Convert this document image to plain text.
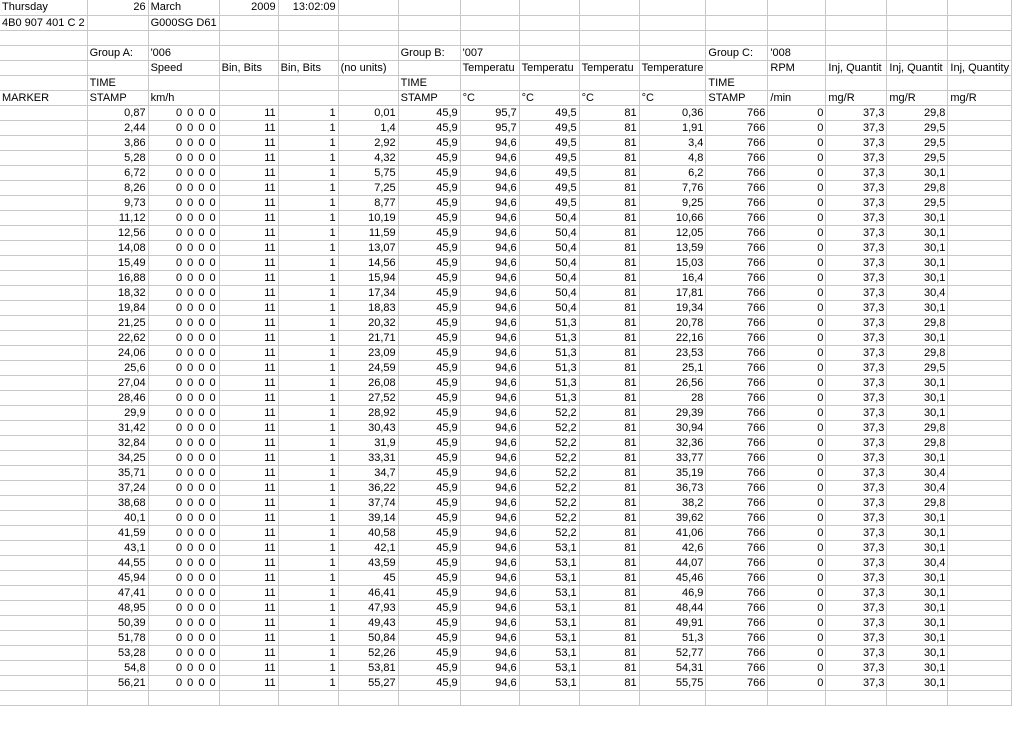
Thursday	26	March	2009	13:02:09											
4B0 907 401 C 2		G000SG D61													

	Group A:	'006				Group B:	'007				Group C:	'008			
		Speed	Bin, Bits	Bin, Bits	(no units)		Temperatu	Temperatu	Temperatu	Temperature		RPM	Inj, Quantit	Inj, Quantit	Inj, Quantity
	TIME					TIME					TIME				
MARKER	STAMP	km/h				STAMP	°C	°C	°C	°C	STAMP	/min	mg/R	mg/R	mg/R
	0,87	0 0 0 0	11	1	0,01	45,9	95,7	49,5	81	0,36	766	0	37,3	29,8	
	2,44	0 0 0 0	11	1	1,4	45,9	95,7	49,5	81	1,91	766	0	37,3	29,5	
	3,86	0 0 0 0	11	1	2,92	45,9	94,6	49,5	81	3,4	766	0	37,3	29,5	
	5,28	0 0 0 0	11	1	4,32	45,9	94,6	49,5	81	4,8	766	0	37,3	29,5	
	6,72	0 0 0 0	11	1	5,75	45,9	94,6	49,5	81	6,2	766	0	37,3	30,1	
	8,26	0 0 0 0	11	1	7,25	45,9	94,6	49,5	81	7,76	766	0	37,3	29,8	
	9,73	0 0 0 0	11	1	8,77	45,9	94,6	49,5	81	9,25	766	0	37,3	29,5	
	11,12	0 0 0 0	11	1	10,19	45,9	94,6	50,4	81	10,66	766	0	37,3	30,1	
	12,56	0 0 0 0	11	1	11,59	45,9	94,6	50,4	81	12,05	766	0	37,3	30,1	
	14,08	0 0 0 0	11	1	13,07	45,9	94,6	50,4	81	13,59	766	0	37,3	30,1	
	15,49	0 0 0 0	11	1	14,56	45,9	94,6	50,4	81	15,03	766	0	37,3	30,1	
	16,88	0 0 0 0	11	1	15,94	45,9	94,6	50,4	81	16,4	766	0	37,3	30,1	
	18,32	0 0 0 0	11	1	17,34	45,9	94,6	50,4	81	17,81	766	0	37,3	30,4	
	19,84	0 0 0 0	11	1	18,83	45,9	94,6	50,4	81	19,34	766	0	37,3	30,1	
	21,25	0 0 0 0	11	1	20,32	45,9	94,6	51,3	81	20,78	766	0	37,3	29,8	
	22,62	0 0 0 0	11	1	21,71	45,9	94,6	51,3	81	22,16	766	0	37,3	30,1	
	24,06	0 0 0 0	11	1	23,09	45,9	94,6	51,3	81	23,53	766	0	37,3	29,8	
	25,6	0 0 0 0	11	1	24,59	45,9	94,6	51,3	81	25,1	766	0	37,3	29,5	
	27,04	0 0 0 0	11	1	26,08	45,9	94,6	51,3	81	26,56	766	0	37,3	30,1	
	28,46	0 0 0 0	11	1	27,52	45,9	94,6	51,3	81	28	766	0	37,3	30,1	
	29,9	0 0 0 0	11	1	28,92	45,9	94,6	52,2	81	29,39	766	0	37,3	30,1	
	31,42	0 0 0 0	11	1	30,43	45,9	94,6	52,2	81	30,94	766	0	37,3	29,8	
	32,84	0 0 0 0	11	1	31,9	45,9	94,6	52,2	81	32,36	766	0	37,3	29,8	
	34,25	0 0 0 0	11	1	33,31	45,9	94,6	52,2	81	33,77	766	0	37,3	30,1	
	35,71	0 0 0 0	11	1	34,7	45,9	94,6	52,2	81	35,19	766	0	37,3	30,4	
	37,24	0 0 0 0	11	1	36,22	45,9	94,6	52,2	81	36,73	766	0	37,3	30,4	
	38,68	0 0 0 0	11	1	37,74	45,9	94,6	52,2	81	38,2	766	0	37,3	29,8	
	40,1	0 0 0 0	11	1	39,14	45,9	94,6	52,2	81	39,62	766	0	37,3	30,1	
	41,59	0 0 0 0	11	1	40,58	45,9	94,6	52,2	81	41,06	766	0	37,3	30,1	
	43,1	0 0 0 0	11	1	42,1	45,9	94,6	53,1	81	42,6	766	0	37,3	30,1	
	44,55	0 0 0 0	11	1	43,59	45,9	94,6	53,1	81	44,07	766	0	37,3	30,4	
	45,94	0 0 0 0	11	1	45	45,9	94,6	53,1	81	45,46	766	0	37,3	30,1	
	47,41	0 0 0 0	11	1	46,41	45,9	94,6	53,1	81	46,9	766	0	37,3	30,1	
	48,95	0 0 0 0	11	1	47,93	45,9	94,6	53,1	81	48,44	766	0	37,3	30,1	
	50,39	0 0 0 0	11	1	49,43	45,9	94,6	53,1	81	49,91	766	0	37,3	30,1	
	51,78	0 0 0 0	11	1	50,84	45,9	94,6	53,1	81	51,3	766	0	37,3	30,1	
	53,28	0 0 0 0	11	1	52,26	45,9	94,6	53,1	81	52,77	766	0	37,3	30,1	
	54,8	0 0 0 0	11	1	53,81	45,9	94,6	53,1	81	54,31	766	0	37,3	30,1	
	56,21	0 0 0 0	11	1	55,27	45,9	94,6	53,1	81	55,75	766	0	37,3	30,1	
